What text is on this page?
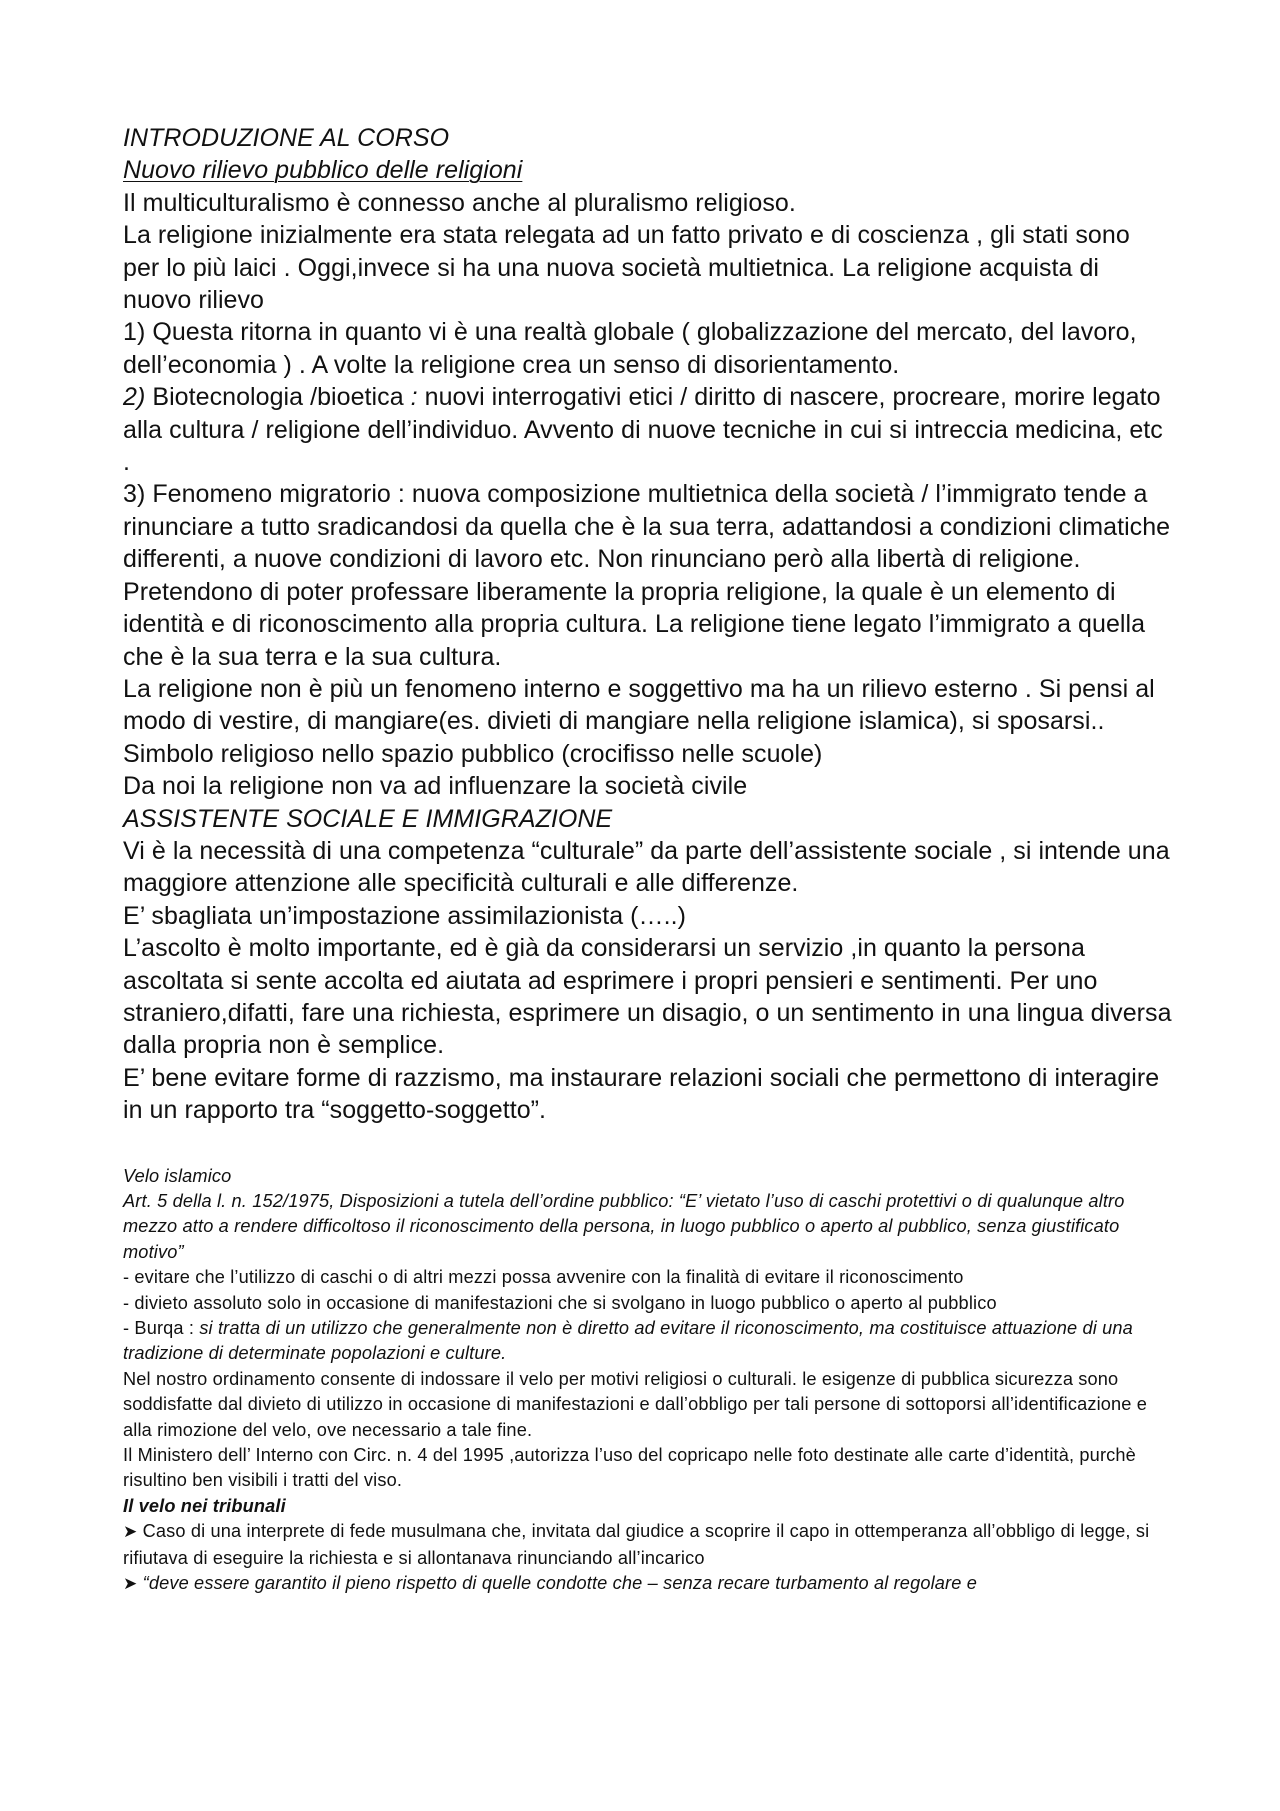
INTRODUZIONE AL CORSO

Nuovo rilievo pubblico delle religioni

Il multiculturalismo è connesso anche al pluralismo religioso.

La religione inizialmente era stata relegata ad un fatto privato e di coscienza , gli stati sono per lo più laici . Oggi,invece si ha una nuova società multietnica. La religione acquista di nuovo rilievo

1) Questa ritorna in quanto vi è una realtà globale ( globalizzazione del mercato, del lavoro, dell’economia ) . A volte la religione crea un senso di disorientamento.

2) Biotecnologia /bioetica : nuovi interrogativi etici / diritto di nascere, procreare, morire legato alla cultura / religione dell’individuo. Avvento di nuove tecniche in cui si intreccia medicina, etc .

3) Fenomeno migratorio : nuova composizione multietnica della società / l’immigrato tende a rinunciare a tutto sradicandosi da quella che è la sua terra, adattandosi a condizioni climatiche differenti, a nuove condizioni di lavoro etc. Non rinunciano però alla libertà di religione. Pretendono di poter professare liberamente la propria religione, la quale è un elemento di identità e di riconoscimento alla propria cultura. La religione tiene legato l’immigrato a quella che è la sua terra e la sua cultura.

La religione non è più un fenomeno interno e soggettivo ma ha un rilievo esterno . Si pensi al modo di vestire, di mangiare(es. divieti di mangiare nella religione islamica), si sposarsi..

Simbolo religioso nello spazio pubblico (crocifisso nelle scuole)

Da noi la religione non va ad influenzare la società civile

ASSISTENTE SOCIALE E IMMIGRAZIONE

Vi è la necessità di una competenza “culturale” da parte dell’assistente sociale , si intende una maggiore attenzione alle specificità culturali e alle differenze.

E’ sbagliata un’impostazione assimilazionista (…..)

L’ascolto è molto importante, ed è già da considerarsi un servizio ,in quanto la persona ascoltata si sente accolta ed aiutata ad esprimere i propri pensieri e sentimenti. Per uno straniero,difatti, fare una richiesta, esprimere un disagio, o un sentimento in una lingua diversa dalla propria non è semplice.

E’ bene evitare forme di razzismo, ma instaurare relazioni sociali che permettono di interagire in un rapporto tra “soggetto-soggetto”.

Velo islamico

Art. 5 della l. n. 152/1975, Disposizioni a tutela dell’ordine pubblico: “E’ vietato l’uso di caschi protettivi o di qualunque altro mezzo atto a rendere difficoltoso il riconoscimento della persona, in luogo pubblico o aperto al pubblico, senza giustificato motivo”

- evitare che l’utilizzo di caschi o di altri mezzi possa avvenire con la finalità di evitare il riconoscimento

- divieto assoluto solo in occasione di manifestazioni che si svolgano in luogo pubblico o aperto al pubblico

- Burqa : si tratta di un utilizzo che generalmente non è diretto ad evitare il riconoscimento, ma costituisce attuazione di una tradizione di determinate popolazioni e culture.

Nel nostro ordinamento consente di indossare il velo per motivi religiosi o culturali. le esigenze di pubblica sicurezza sono soddisfatte dal divieto di utilizzo in occasione di manifestazioni e dall’obbligo per tali persone di sottoporsi all’identificazione e alla rimozione del velo, ove necessario a tale fine.

Il Ministero dell’ Interno con Circ. n. 4 del 1995 ,autorizza l’uso del copricapo nelle foto destinate alle carte d’identità, purchè risultino ben visibili i tratti del viso.

Il velo nei tribunali

➤ Caso di una interprete di fede musulmana che, invitata dal giudice a scoprire il capo in ottemperanza all’obbligo di legge, si rifiutava di eseguire la richiesta e si allontanava rinunciando all’incarico

➤ “deve essere garantito il pieno rispetto di quelle condotte che – senza recare turbamento al regolare e
